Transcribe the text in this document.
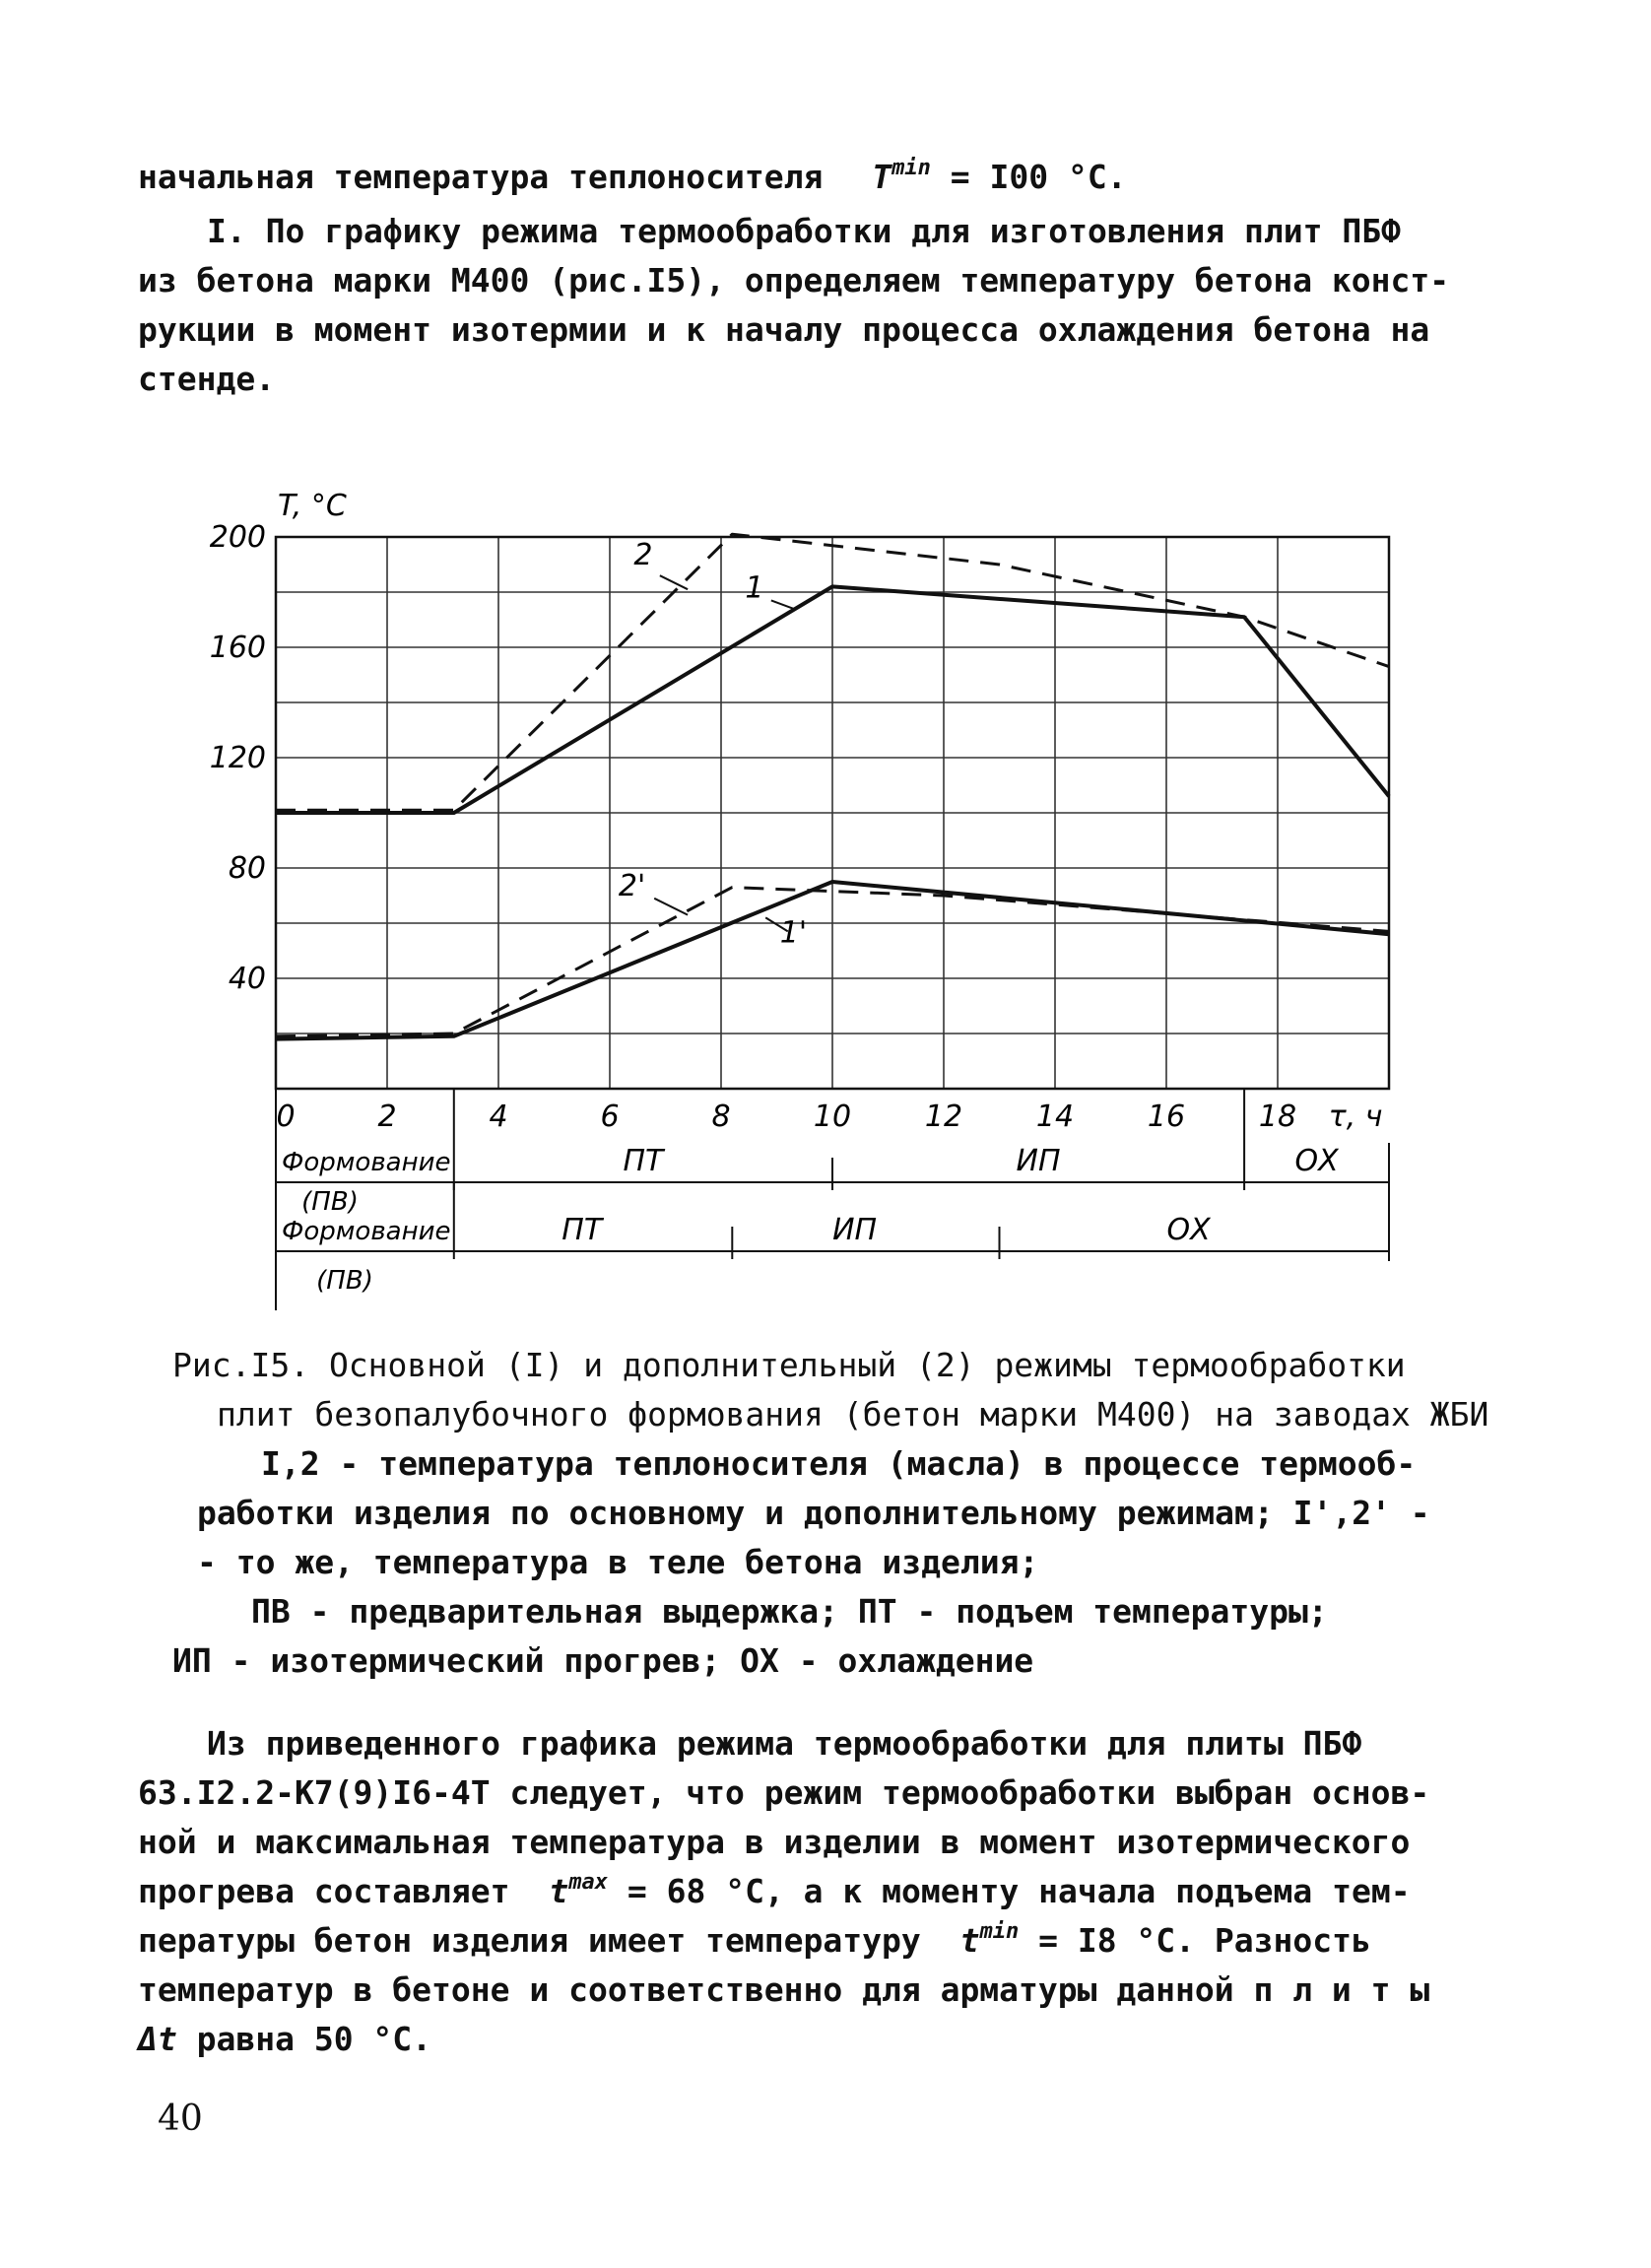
начальная температура теплоносителя $T^{min} = I00$ °C.
I. По графику режима термообработки для изготовления плит ПБФ
из бетона марки М400 (рис.I5), определяем температуру бетона конст-
рукции в момент изотермии и к началу процесса охлаждения бетона на
стенде.
200
160
120
80
40
T, °C
0	2	4	6	8	10 12 14 16 18 τ, ч
2
1
2'
1'
Формование	ПТ	ИП	ОХ
(ПВ)
Формование	ПТ	ИП	ОХ
(ПВ)
Рис.I5. Основной (I) и дополнительный (2) режимы термообработки
плит безопалубочного формования (бетон марки М400) на заводах ЖБИ
I,2 - температура теплоносителя (масла) в процессе термооб-
работки изделия по основному и дополнительному режимам; I',2' -
- то же, температура в теле бетона изделия;
ПВ - предварительная выдержка; ПТ - подъем температуры;
ИП - изотермический прогрев; ОХ - охлаждение
Из приведенного графика режима термообработки для плиты ПБФ
63.I2.2-К7(9)I6-4Т следует, что режим термообработки выбран основ-
ной и максимальная температура в изделии в момент изотермического
прогрева составляет $t^{max} = 68$ °C, а к моменту начала подъема тем-
пературы бетон изделия имеет температуру $t^{min} = I8$ °C. Разность
температур в бетоне и соответственно для арматуры данной п л и т ы
Δt равна 50 °C.
40
